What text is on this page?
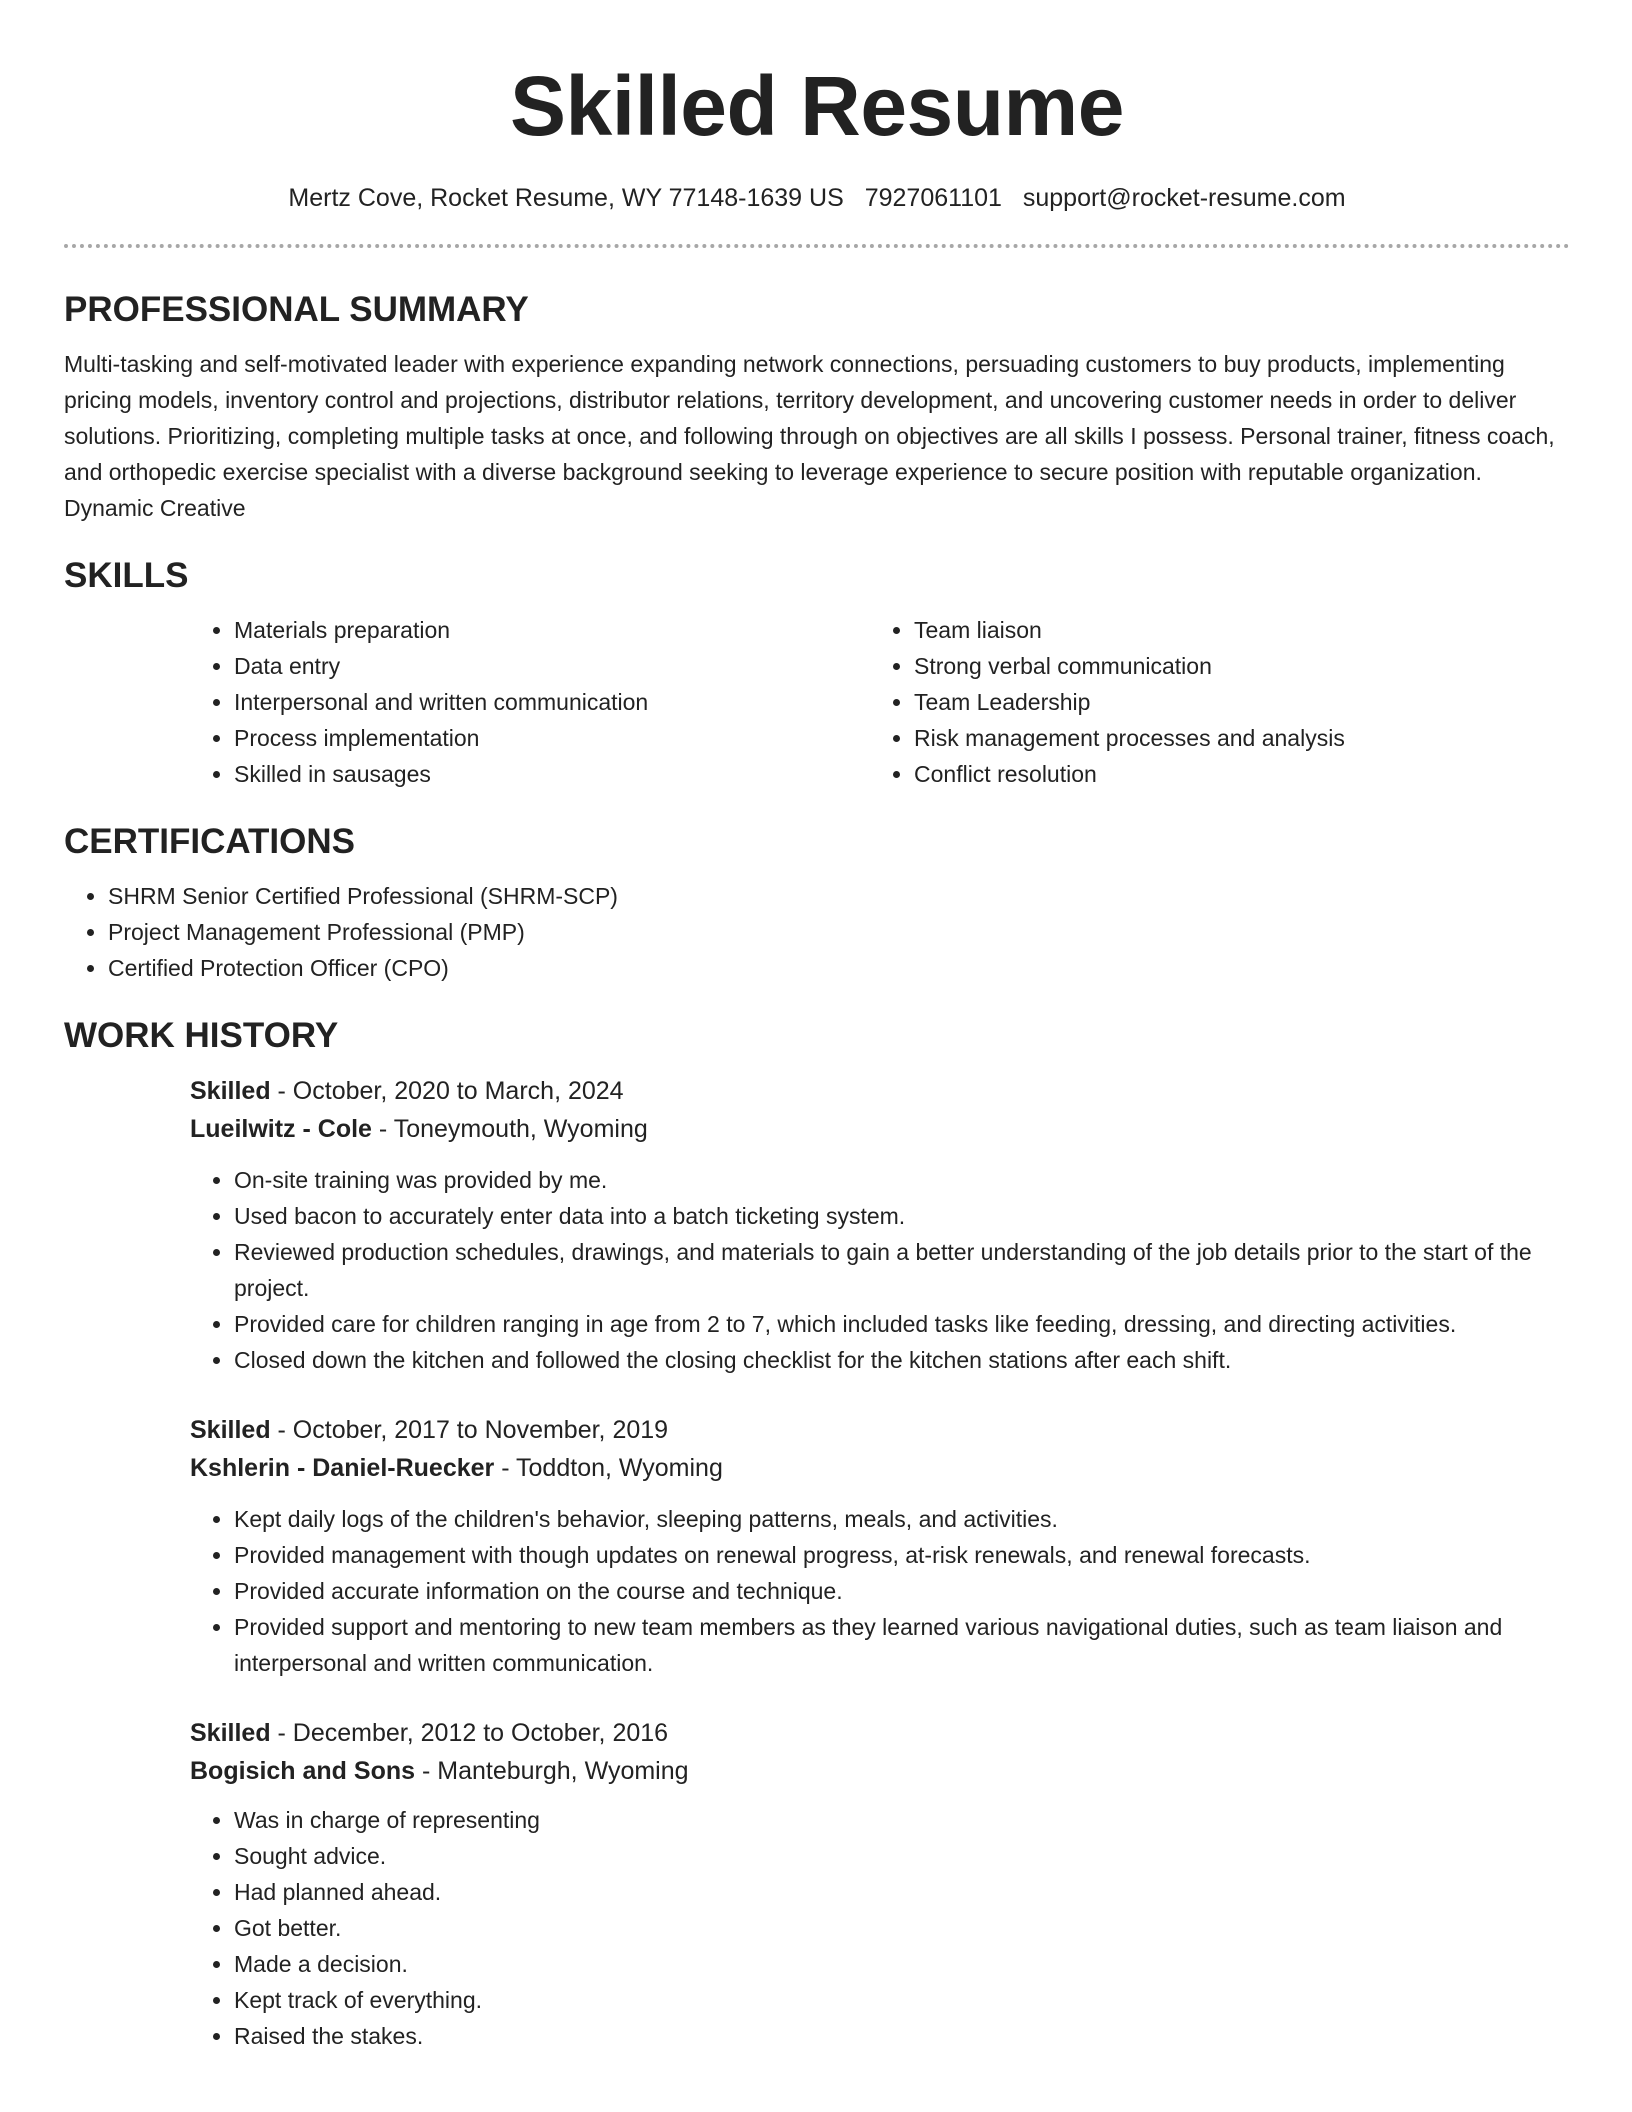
Skilled Resume
Mertz Cove, Rocket Resume, WY 77148-1639 US 7927061101 support@rocket-resume.com
PROFESSIONAL SUMMARY

Multi-tasking and self-motivated leader with experience expanding network connections, persuading customers to buy products, implementing pricing models, inventory control and projections, distributor relations, territory development, and uncovering customer needs in order to deliver solutions. Prioritizing, completing multiple tasks at once, and following through on objectives are all skills I possess. Personal trainer, fitness coach, and orthopedic exercise specialist with a diverse background seeking to leverage experience to secure position with reputable organization. Dynamic Creative

SKILLS
• Materials preparation
• Data entry
• Interpersonal and written communication
• Process implementation
• Skilled in sausages
• Team liaison
• Strong verbal communication
• Team Leadership
• Risk management processes and analysis
• Conflict resolution
CERTIFICATIONS
• SHRM Senior Certified Professional (SHRM-SCP)
• Project Management Professional (PMP)
• Certified Protection Officer (CPO)
WORK HISTORY
Skilled - October, 2020 to March, 2024
Lueilwitz - Cole - Toneymouth, Wyoming
• On-site training was provided by me.
• Used bacon to accurately enter data into a batch ticketing system.
• Reviewed production schedules, drawings, and materials to gain a better understanding of the job details prior to the start of the project.
• Provided care for children ranging in age from 2 to 7, which included tasks like feeding, dressing, and directing activities.
• Closed down the kitchen and followed the closing checklist for the kitchen stations after each shift.
Skilled - October, 2017 to November, 2019
Kshlerin - Daniel-Ruecker - Toddton, Wyoming
• Kept daily logs of the children's behavior, sleeping patterns, meals, and activities.
• Provided management with though updates on renewal progress, at-risk renewals, and renewal forecasts.
• Provided accurate information on the course and technique.
• Provided support and mentoring to new team members as they learned various navigational duties, such as team liaison and interpersonal and written communication.
Skilled - December, 2012 to October, 2016
Bogisich and Sons - Manteburgh, Wyoming
• Was in charge of representing
• Sought advice.
• Had planned ahead.
• Got better.
• Made a decision.
• Kept track of everything.
• Raised the stakes.
